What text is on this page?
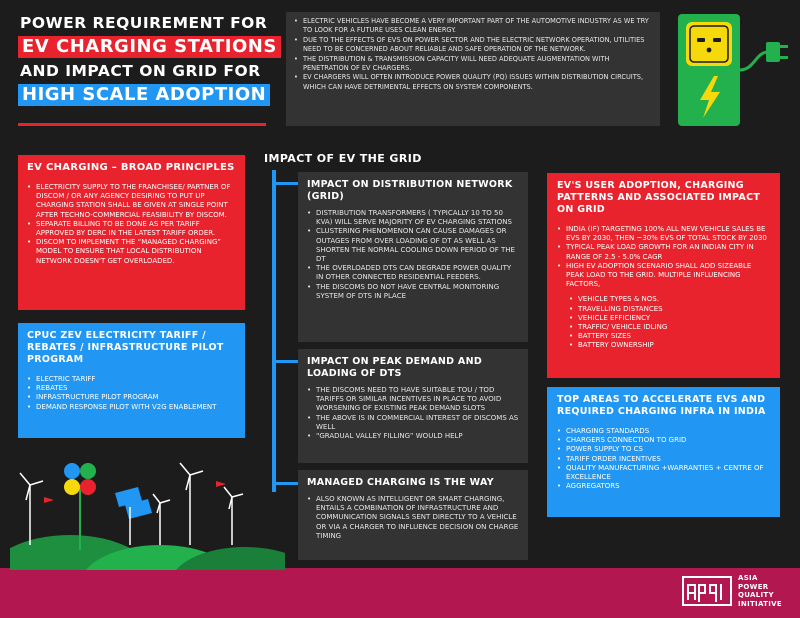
POWER REQUIREMENT FOR
EV CHARGING STATIONS
AND IMPACT ON GRID FOR
HIGH SCALE ADOPTION
• ELECTRIC VEHICLES HAVE BECOME A VERY IMPORTANT PART OF THE AUTOMOTIVE INDUSTRY AS WE TRY TO LOOK FOR A FUTURE USES CLEAN ENERGY.
• DUE TO THE EFFECTS OF EVS ON POWER SECTOR AND THE ELECTRIC NETWORK OPERATION, UTILITIES NEED TO BE CONCERNED ABOUT RELIABLE AND SAFE OPERATION OF THE NETWORK.
• THE DISTRIBUTION & TRANSMISSION CAPACITY WILL NEED ADEQUATE AUGMENTATION WITH PENETRATION OF EV CHARGERS.
• EV CHARGERS WILL OFTEN INTRODUCE POWER QUALITY (PQ) ISSUES WITHIN DISTRIBUTION CIRCUITS, WHICH CAN HAVE DETRIMENTAL EFFECTS ON SYSTEM COMPONENTS.
EV CHARGING – BROAD PRINCIPLES
• ELECTRICITY SUPPLY TO THE FRANCHISEE/ PARTNER OF DISCOM / OR ANY AGENCY DESIRING TO PUT UP CHARGING STATION SHALL BE GIVEN AT SINGLE POINT AFTER TECHNO-COMMERCIAL FEASIBILITY BY DISCOM.
• SEPARATE BILLING TO BE DONE AS PER TARIFF APPROVED BY DERC IN THE LATEST TARIFF ORDER.
• DISCOM TO IMPLEMENT THE “MANAGED CHARGING” MODEL TO ENSURE THAT LOCAL DISTRIBUTION NETWORK DOESN'T GET OVERLOADED.
CPUC ZEV ELECTRICITY TARIFF / REBATES / INFRASTRUCTURE PILOT PROGRAM
• ELECTRIC TARIFF
• REBATES
• INFRASTRUCTURE PILOT PROGRAM
• DEMAND RESPONSE PILOT WITH V2G ENABLEMENT
IMPACT OF EV THE GRID
IMPACT ON DISTRIBUTION NETWORK (GRID)
• DISTRIBUTION TRANSFORMERS ( TYPICALLY 10 TO 50 KVA) WILL SERVE MAJORITY OF EV CHARGING STATIONS
• CLUSTERING PHENOMENON CAN CAUSE DAMAGES OR OUTAGES FROM OVER LOADING OF DT AS WELL AS SHORTEN THE NORMAL COOLING DOWN PERIOD OF THE DT
• THE OVERLOADED DTS CAN DEGRADE POWER QUALITY IN OTHER CONNECTED RESIDENTIAL FEEDERS.
• THE DISCOMS DO NOT HAVE CENTRAL MONITORING SYSTEM OF DTS IN PLACE
IMPACT ON PEAK DEMAND AND LOADING OF DTS
• THE DISCOMS NEED TO HAVE SUITABLE TOU / TOD TARIFFS OR SIMILAR INCENTIVES IN PLACE TO AVOID WORSENING OF EXISTING PEAK DEMAND SLOTS
• THE ABOVE IS IN COMMERCIAL INTEREST OF DISCOMS AS WELL
• “GRADUAL VALLEY FILLING” WOULD HELP
MANAGED CHARGING IS THE WAY
• ALSO KNOWN AS INTELLIGENT OR SMART CHARGING, ENTAILS A COMBINATION OF INFRASTRUCTURE AND COMMUNICATION SIGNALS SENT DIRECTLY TO A VEHICLE OR VIA A CHARGER TO INFLUENCE DECISION ON CHARGE TIMING
EV'S USER ADOPTION, CHARGING PATTERNS AND ASSOCIATED IMPACT ON GRID
• INDIA (IF) TARGETING 100% ALL NEW VEHICLE SALES BE EVS BY 2030, THEN ~30% EVS OF TOTAL STOCK BY 2030
• TYPICAL PEAK LOAD GROWTH FOR AN INDIAN CITY IN RANGE OF 2.5 - 5.0% CAGR
• HIGH EV ADOPTION SCENARIO SHALL ADD SIZEABLE PEAK LOAD TO THE GRID. MULTIPLE INFLUENCING FACTORS,
• VEHICLE TYPES & NOS.
• TRAVELLING DISTANCES
• VEHICLE EFFICIENCY
• TRAFFIC/ VEHICLE IDLING
• BATTERY SIZES
• BATTERY OWNERSHIP
TOP AREAS TO ACCELERATE EVS AND REQUIRED CHARGING INFRA IN INDIA
• CHARGING STANDARDS
• CHARGERS CONNECTION TO GRID
• POWER SUPPLY TO CS
• TARIFF ORDER INCENTIVES
• QUALITY MANUFACTURING +WARRANTIES + CENTRE OF EXCELLENCE
• AGGREGATORS
ASIA
POWER
QUALITY
INITIATIVE
